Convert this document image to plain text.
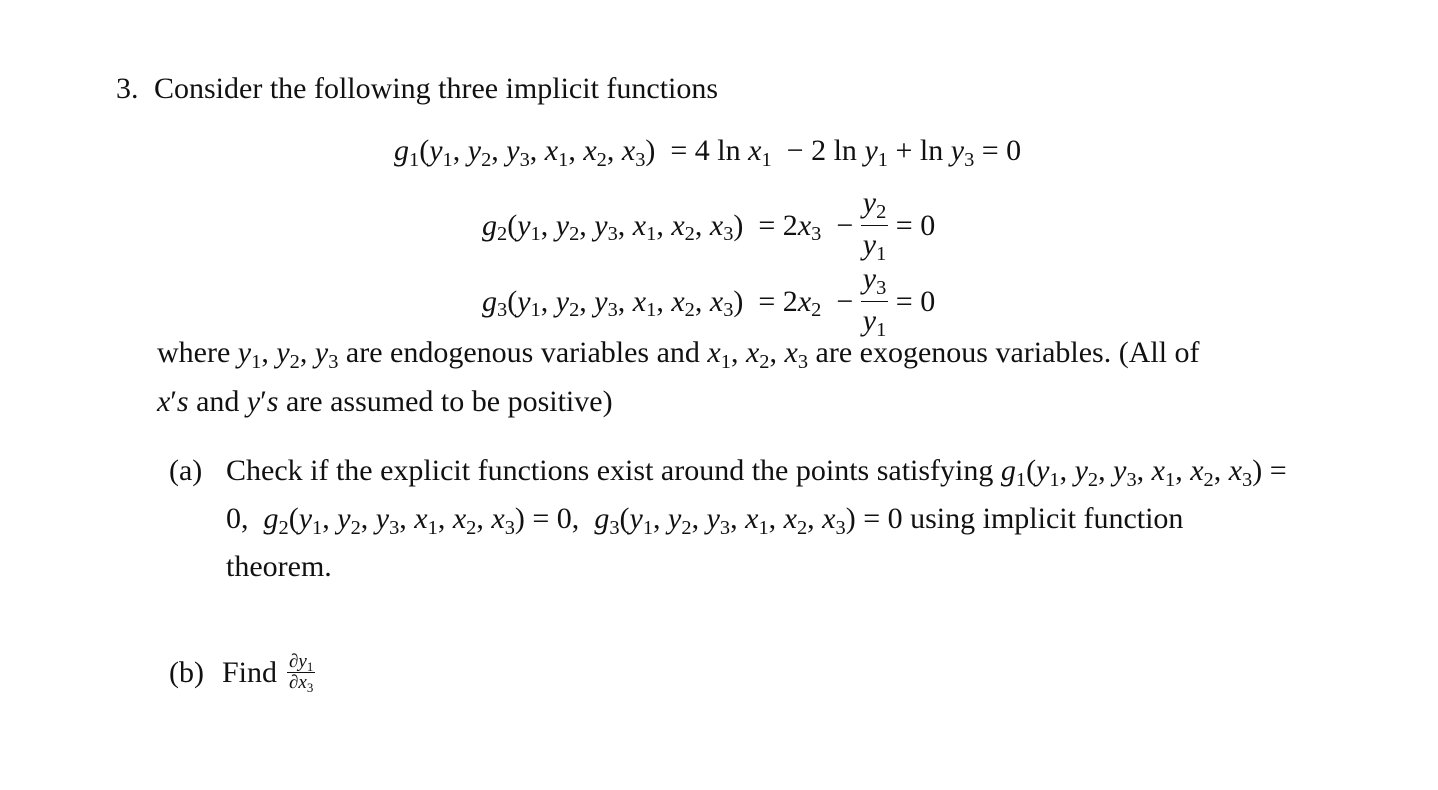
3. Consider the following three implicit functions
g1(y1, y2, y3, x1, x2, x3)  = 4 ln x1  − 2 ln y1 + ln y3 = 0
g2(y1, y2, y3, x1, x2, $x3) = 2x3 - \frac{y2}{y1} = 0$
g3(y1, y2, y3, x1, x2, $x3) = 2x2 - \frac{y3}{y1} = 0$
where y1, y2, y3 are endogenous variables and x1, x2, x3 are exogenous variables. (All of
x′s and y′s are assumed to be positive)
(a) Check if the explicit functions exist around the points satisfying g1(y1, y2, y3, x1, x2, x3) =
0,  g2(y1, y2, y3, x1, x2, x3) = 0,  g3(y1, y2, y3, x1, x2, x3) = 0 using implicit function
theorem.
(b) Find $\frac{\partial y1}{\partial x3}$
